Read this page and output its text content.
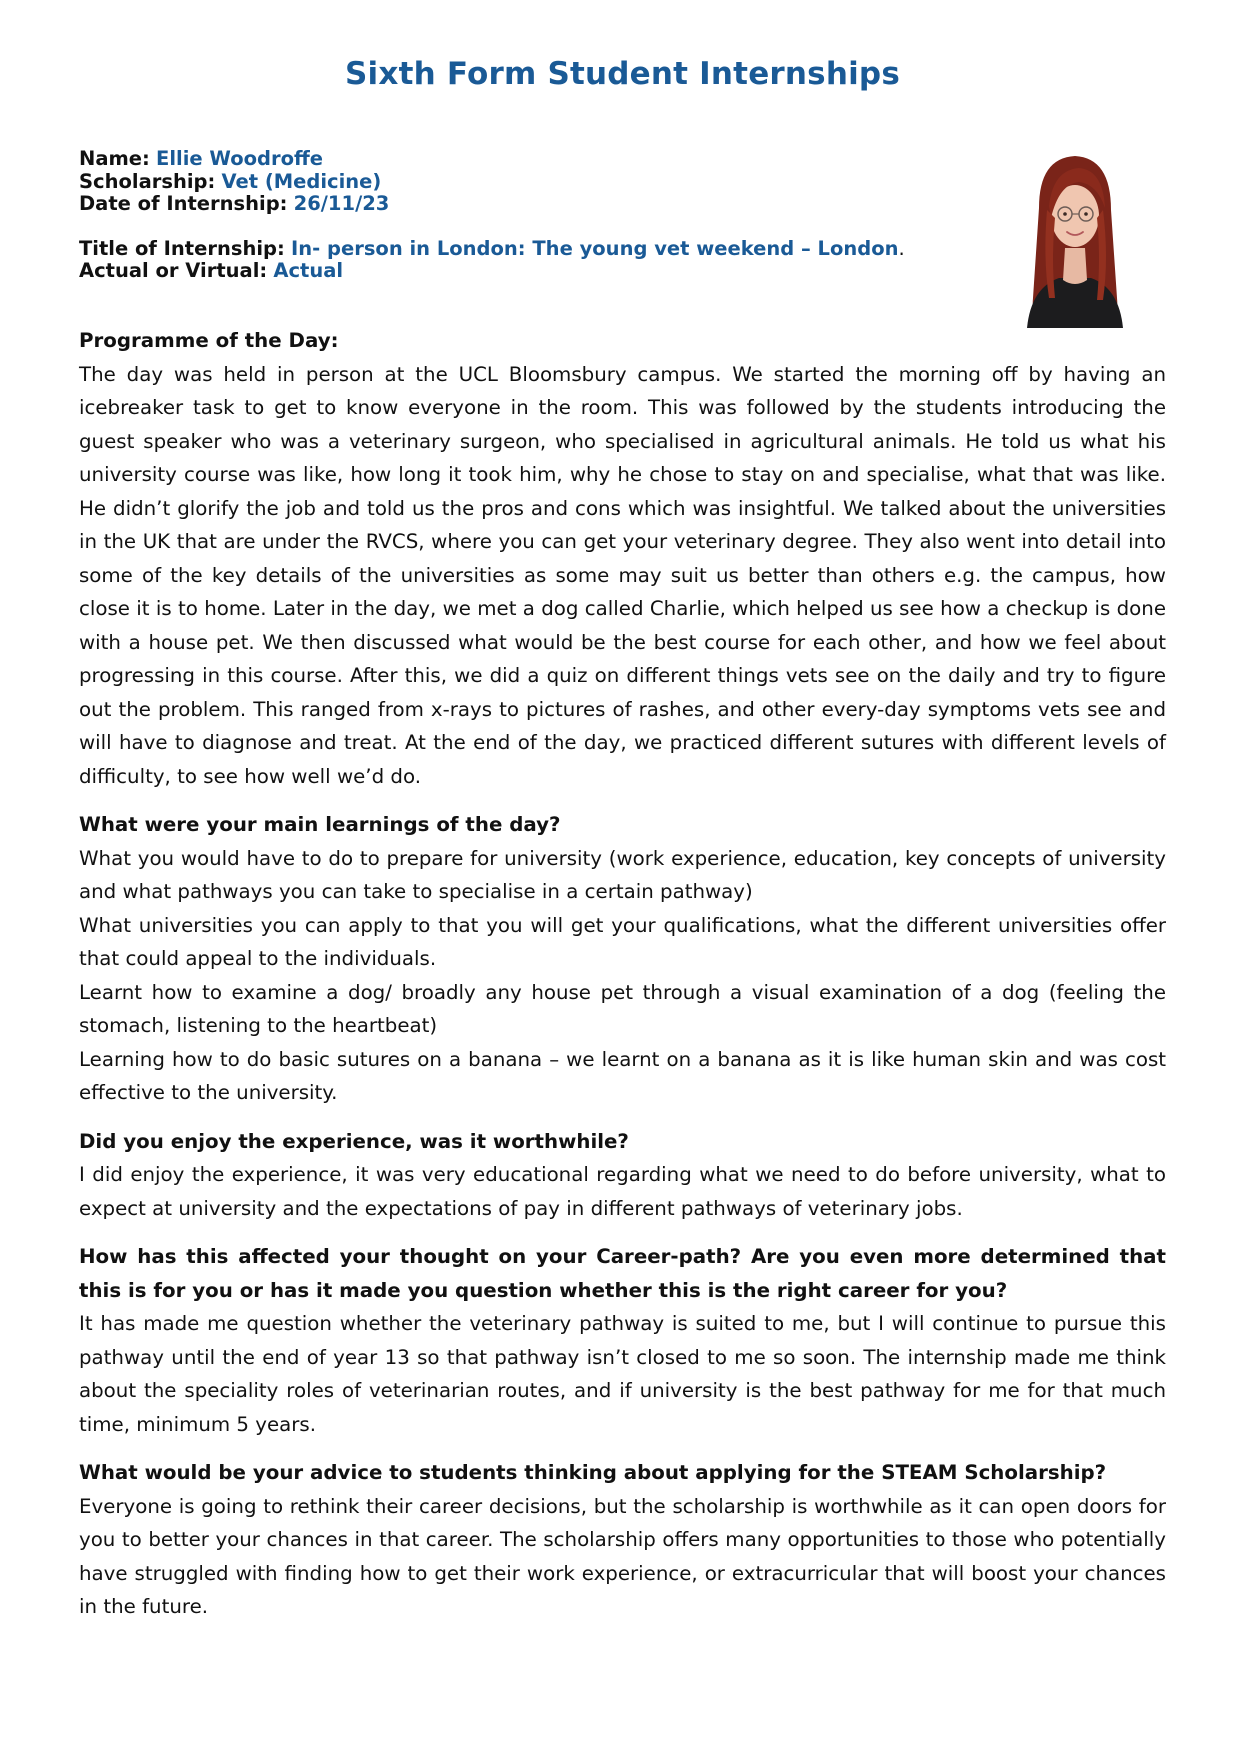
Sixth Form Student Internships
Name: Ellie Woodroffe
Scholarship: Vet (Medicine)
Date of Internship: 26/11/23
Title of Internship: In- person in London: The young vet weekend – London.
Actual or Virtual: Actual

Programme of the Day:

The day was held in person at the UCL Bloomsbury campus. We started the morning off by having an icebreaker task to get to know everyone in the room. This was followed by the students introducing the guest speaker who was a veterinary surgeon, who specialised in agricultural animals. He told us what his university course was like, how long it took him, why he chose to stay on and specialise, what that was like. He didn’t glorify the job and told us the pros and cons which was insightful. We talked about the universities in the UK that are under the RVCS, where you can get your veterinary degree. They also went into detail into some of the key details of the universities as some may suit us better than others e.g. the campus, how close it is to home. Later in the day, we met a dog called Charlie, which helped us see how a checkup is done with a house pet. We then discussed what would be the best course for each other, and how we feel about progressing in this course. After this, we did a quiz on different things vets see on the daily and try to figure out the problem. This ranged from x-rays to pictures of rashes, and other every-day symptoms vets see and will have to diagnose and treat. At the end of the day, we practiced different sutures with different levels of difficulty, to see how well we’d do.

What were your main learnings of the day?

What you would have to do to prepare for university (work experience, education, key concepts of university and what pathways you can take to specialise in a certain pathway)

What universities you can apply to that you will get your qualifications, what the different universities offer that could appeal to the individuals.

Learnt how to examine a dog/ broadly any house pet through a visual examination of a dog (feeling the stomach, listening to the heartbeat)

Learning how to do basic sutures on a banana – we learnt on a banana as it is like human skin and was cost effective to the university.

Did you enjoy the experience, was it worthwhile?

I did enjoy the experience, it was very educational regarding what we need to do before university, what to expect at university and the expectations of pay in different pathways of veterinary jobs.

How has this affected your thought on your Career-path? Are you even more determined that this is for you or has it made you question whether this is the right career for you?

It has made me question whether the veterinary pathway is suited to me, but I will continue to pursue this pathway until the end of year 13 so that pathway isn’t closed to me so soon. The internship made me think about the speciality roles of veterinarian routes, and if university is the best pathway for me for that much time, minimum 5 years.

What would be your advice to students thinking about applying for the STEAM Scholarship?

Everyone is going to rethink their career decisions, but the scholarship is worthwhile as it can open doors for you to better your chances in that career. The scholarship offers many opportunities to those who potentially have struggled with finding how to get their work experience, or extracurricular that will boost your chances in the future.
